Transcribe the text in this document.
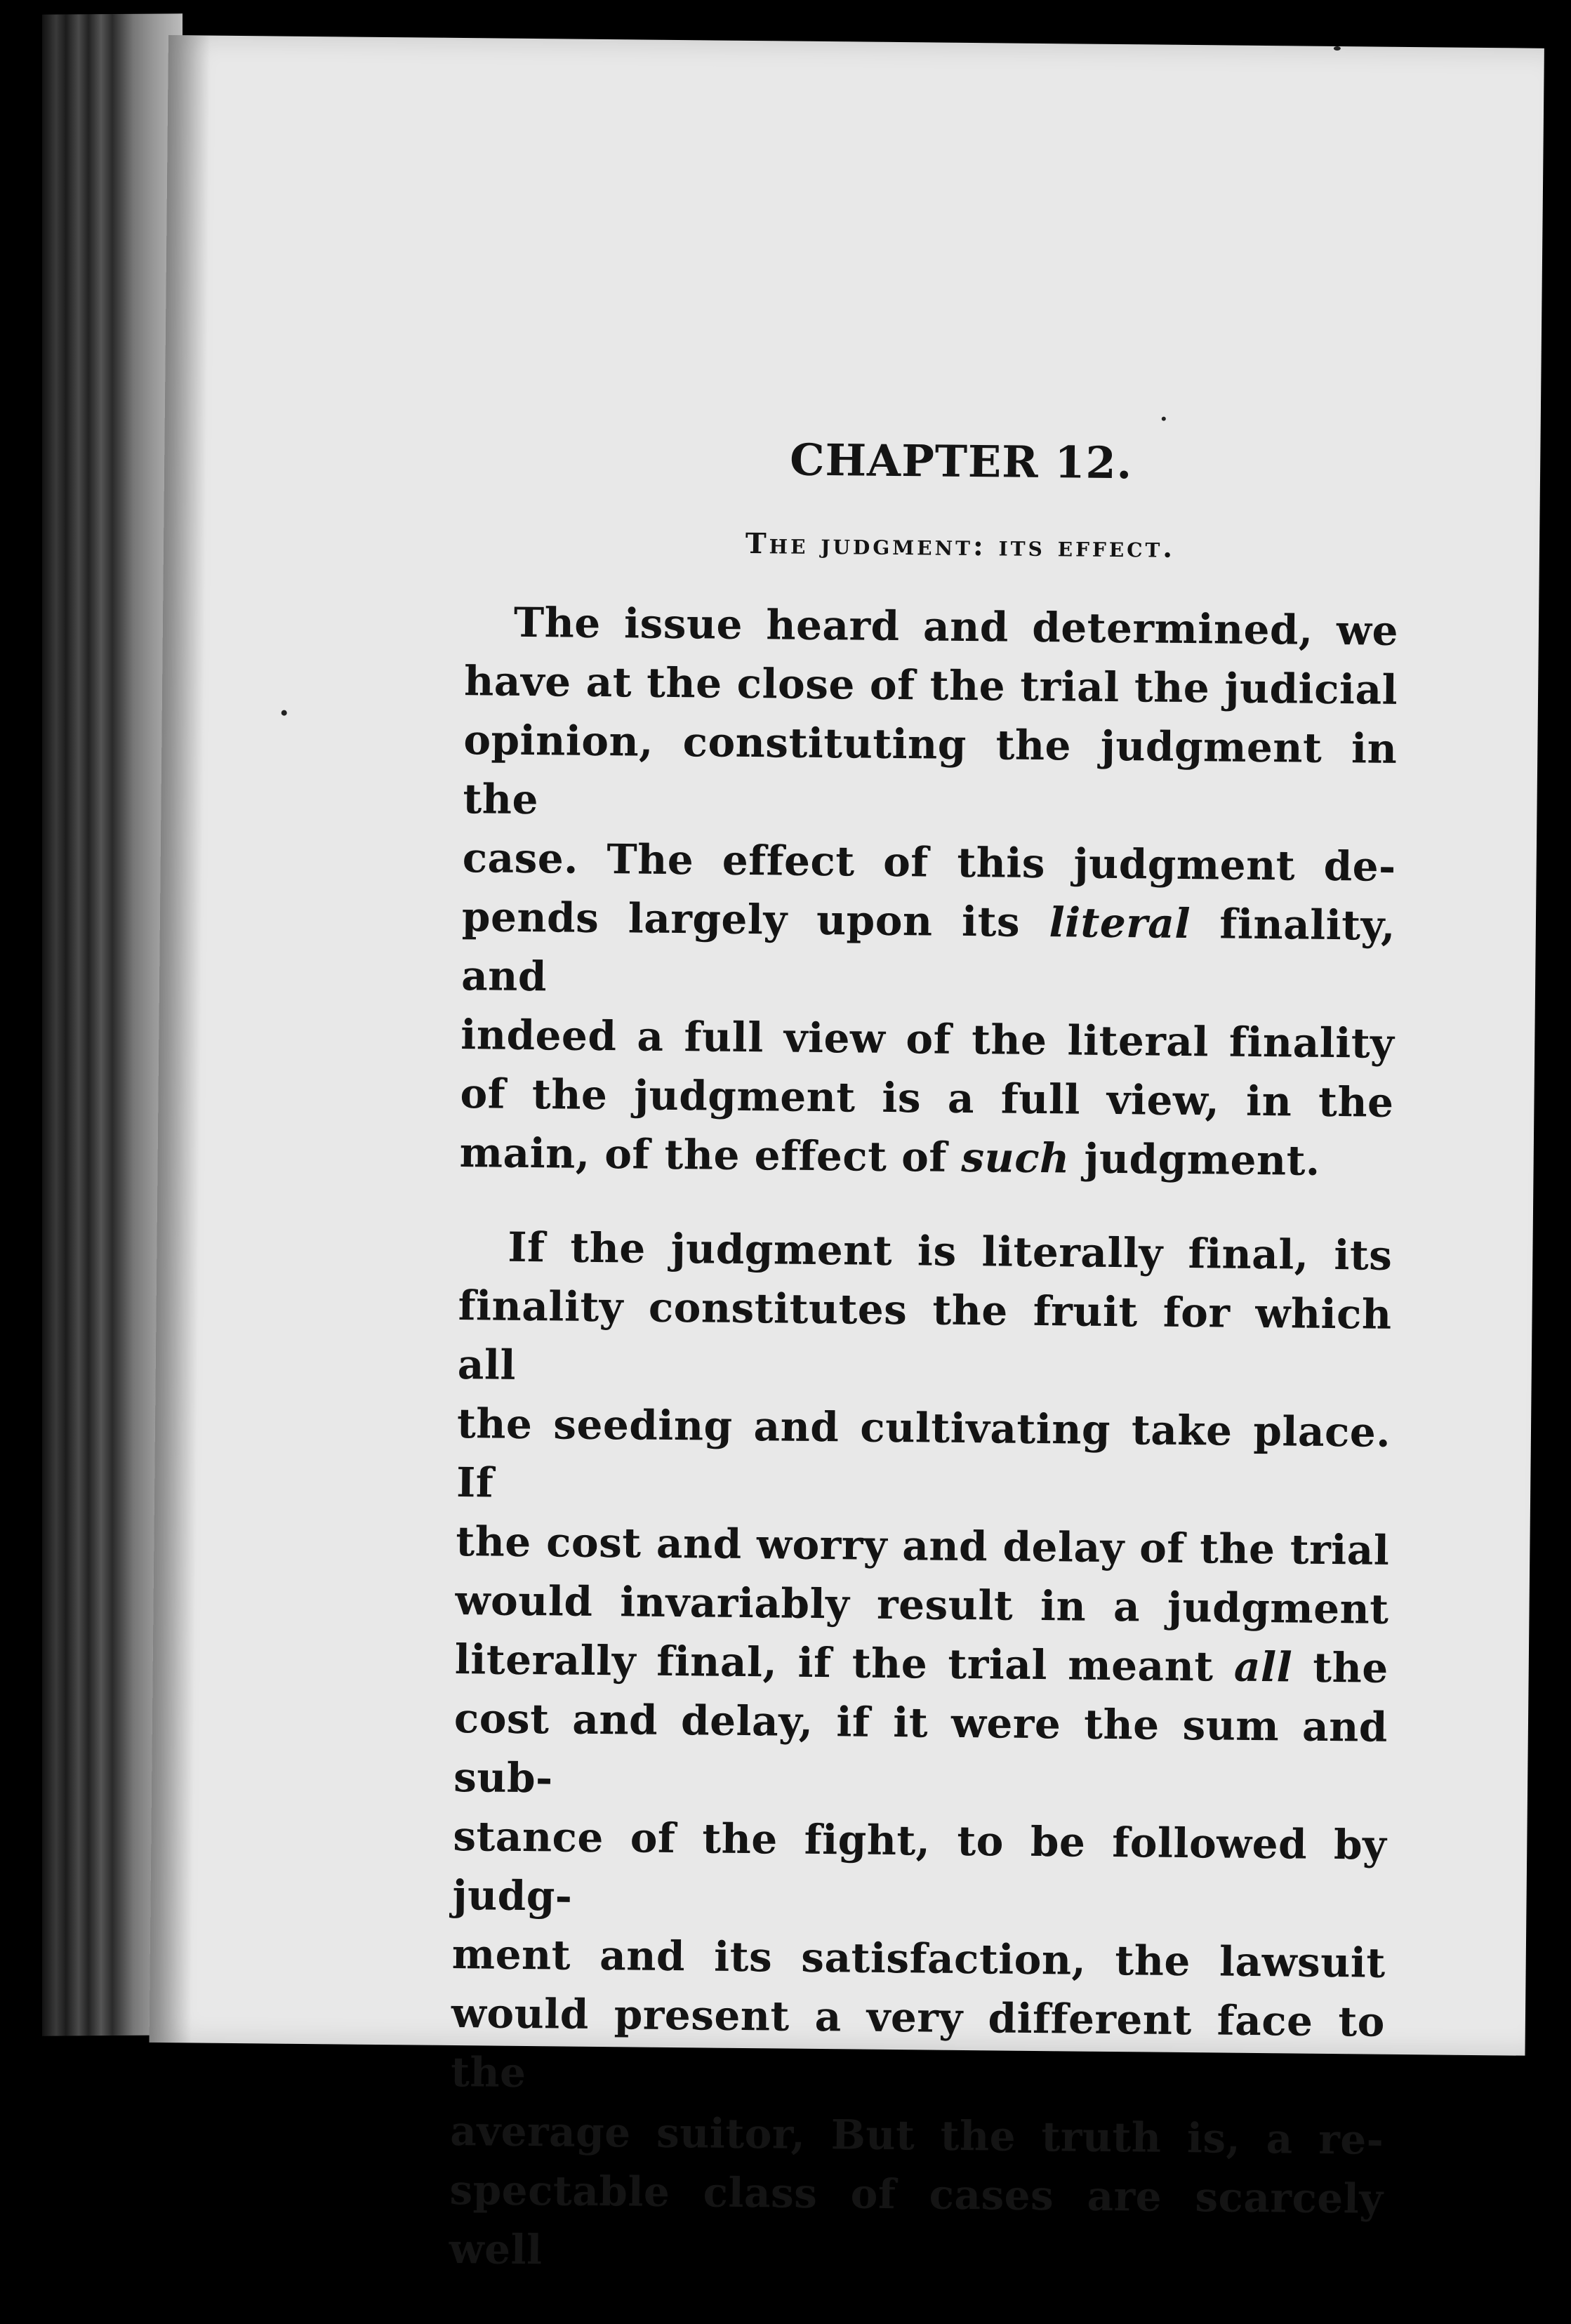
CHAPTER 12.
The judgment: its effect.
The issue heard and determined, we
have at the close of the trial the judicial
opinion, constituting the judgment in the
case. The effect of this judgment de-
pends largely upon its literal finality, and
indeed a full view of the literal finality
of the judgment is a full view, in the
main, of the effect of such judgment.
If the judgment is literally final, its
finality constitutes the fruit for which all
the seeding and cultivating take place. If
the cost and worry and delay of the trial
would invariably result in a judgment
literally final, if the trial meant all the
cost and delay, if it were the sum and sub-
stance of the fight, to be followed by judg-
ment and its satisfaction, the lawsuit
would present a very different face to the
average suitor, But the truth is, a re-
spectable class of cases are scarcely well
